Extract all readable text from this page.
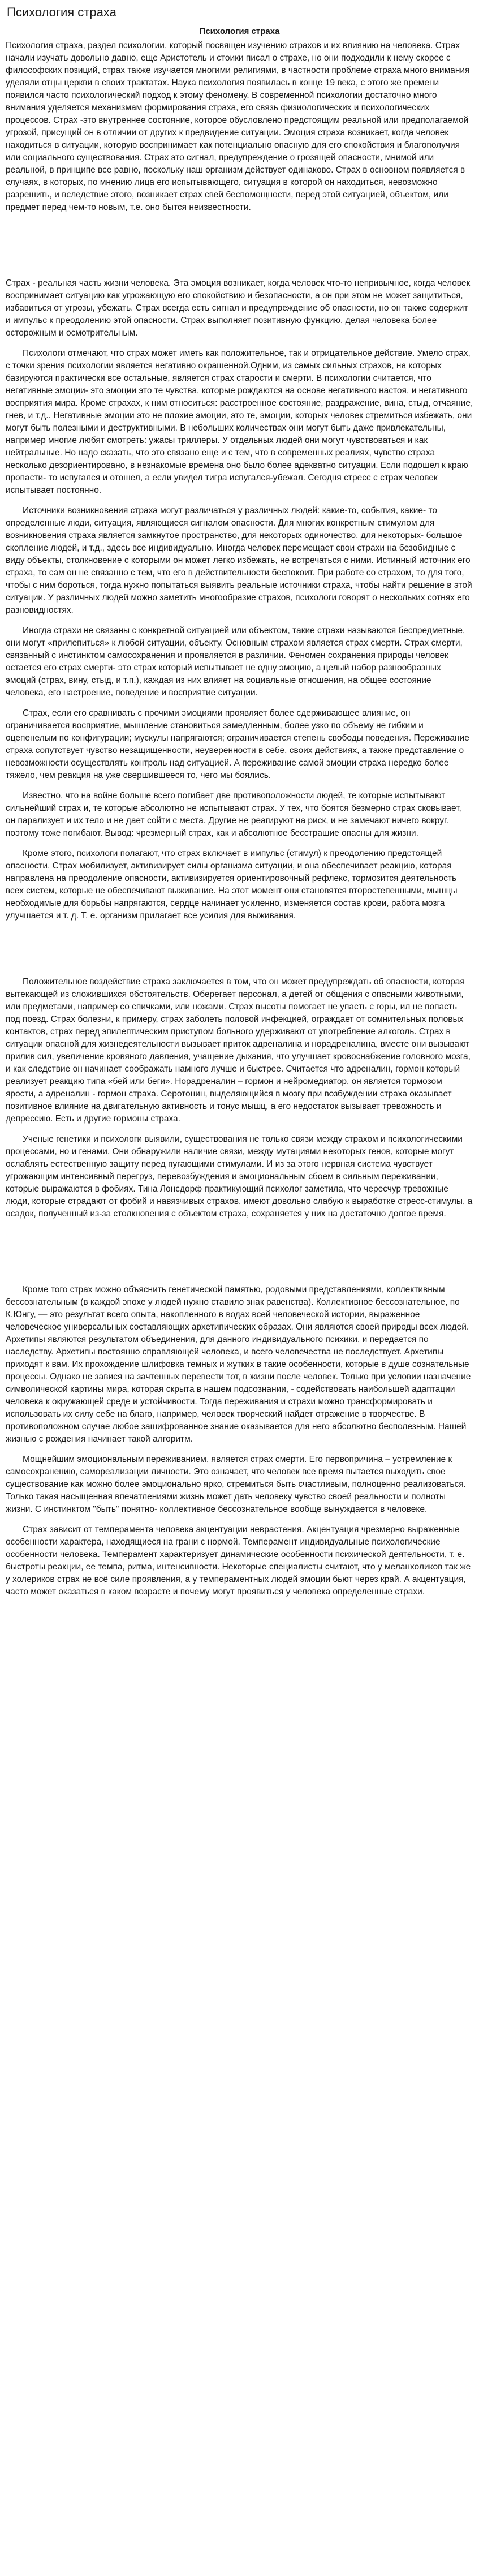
Психология страха
Психология страха

Психология страха, раздел психологии, который посвящен изучению страхов и их влиянию на человека. Страх начали изучать довольно давно, еще Аристотель и стоики писал о страхе, но они подходили к нему скорее с философских позиций, страх также изучается многими религиями, в частности проблеме страха много внимания уделяли отцы церкви в своих трактатах. Наука психология появилась в конце 19 века, с этого же времени появился часто психологический подход к этому феномену. В современной психологии достаточно много внимания уделяется механизмам формирования страха, его связь физиологических и психологических процессов. Страх -это внутреннее состояние, которое обусловлено предстоящим реальной или предполагаемой угрозой, присущий он в отличии от других к предвидение ситуации. Эмоция страха возникает, когда человек находиться в ситуации, которую воспринимает как потенциально опасную для его спокойствия и благополучия или социального существования. Страх это сигнал, предупреждение о грозящей опасности, мнимой или реальной, в принципе все равно, поскольку наш организм действует одинаково. Страх в основном появляется в случаях, в которых, по мнению лица его испытывающего, ситуация в которой он находиться, невозможно разрешить, и вследствие этого, возникает страх свей беспомощности, перед этой ситуацией, объектом, или предмет перед чем-то новым, т.е. оно бытся неизвестности.

Страх - реальная часть жизни человека. Эта эмоция возникает, когда человек что-то непривычное, когда человек воспринимает ситуацию как угрожающую его спокойствию и безопасности, а он при этом не может защититься, избавиться от угрозы, убежать. Страх всегда есть сигнал и предупреждение об опасности, но он также содержит и импульс к преодолению этой опасности. Страх выполняет позитивную функцию, делая человека более осторожным и осмотрительным.

Психологи отмечают, что страх может иметь как положительное, так и отрицательное действие. Умело страх, с точки зрения психологии является негативно окрашенной.Одним, из самых сильных страхов, на которых базируются практически все остальные, является страх старости и смерти. В психологии считается, что негативные эмоции- это эмоции это те чувства, которые рождаются на основе негативного настоя, и негативного восприятия мира. Кроме страхах, к ним относиться: расстроенное состояние, раздражение, вина, стыд, отчаяние, гнев, и т.д.. Негативные эмоции это не плохие эмоции, это те, эмоции, которых человек стремиться избежать, они могут быть полезными и деструктивными. В небольших количествах они могут быть даже привлекательны, например многие любят смотреть: ужасы триллеры. У отдельных людей они могут чувствоваться и как нейтральные. Но надо сказать, что это связано еще и с тем, что в современных реалиях, чувство страха несколько дезориентировано, в незнакомые времена оно было более адекватно ситуации. Если подошел к краю пропасти- то испугался и отошел, а если увидел тигра испугался-убежал. Сегодня стресс с страх человек испытывает постоянно.

Источники возникновения страха могут различаться у различных людей: какие-то, события, какие- то определенные люди, ситуация, являющиеся сигналом опасности. Для многих конкретным стимулом для возникновения страха является замкнутое пространство, для некоторых одиночество, для некоторых- большое скопление людей, и т.д., здесь все индивидуально. Иногда человек перемещает свои страхи на безобидные с виду объекты, столкновение с которыми он может легко избежать, не встречаться с ними. Истинный источник его страха, то сам он не связанно с тем, что его в действительности беспокоит. При работе со страхом, то для того, чтобы с ним бороться, тогда нужно попытаться выявить реальные источники страха, чтобы найти решение в этой ситуации. У различных людей можно заметить многообразие страхов, психологи говорят о нескольких сотнях его разновидностях.

Иногда страхи не связаны с конкретной ситуацией или объектом, такие страхи называются беспредметные, они могут «прилепиться» к любой ситуации, объекту. Основным страхом является страх смерти. Страх смерти, связанный с инстинктом самосохранения и проявляется в различии. Феномен сохранения природы человек остается его страх смерти- это страх который испытывает не одну эмоцию, а целый набор разнообразных эмоций (страх, вину, стыд, и т.п.), каждая из них влияет на социальные отношения, на общее состояние человека, его настроение, поведение и восприятие ситуации.

Страх, если его сравнивать с прочими эмоциями проявляет более сдерживающее влияние, он ограничивается восприятие, мышление становиться замедленным, более узко по объему не гибким и оцепенелым по конфигурации; мускулы напрягаются; ограничивается степень свободы поведения. Переживание страха сопутствует чувство незащищенности, неуверенности в себе, своих действиях, а также представление о невозможности осуществлять контроль над ситуацией. А переживание самой эмоции страха нередко более тяжело, чем реакция на уже свершившееся то, чего мы боялись.

Известно, что на войне больше всего погибает две противоположности людей, те которые испытывают сильнейший страх и, те которые абсолютно не испытывают страх. У тех, что боятся безмерно страх сковывает, он парализует и их тело и не дает сойти с места. Другие не реагируют на риск, и не замечают ничего вокруг. поэтому тоже погибают. Вывод: чрезмерный страх, как и абсолютное бесстрашие опасны для жизни.

Кроме этого, психологи полагают, что страх включает в импульс (стимул) к преодолению предстоящей опасности. Страх мобилизует, активизирует силы организма ситуации, и она обеспечивает реакцию, которая направлена на преодоление опасности, активизируется ориентировочный рефлекс, тормозится деятельность всех систем, которые не обеспечивают выживание. На этот момент они становятся второстепенными, мышцы необходимые для борьбы напрягаются, сердце начинает усиленно, изменяется состав крови, работа мозга улучшается и т. д. Т. е. организм прилагает все усилия для выживания.

Положительное воздействие страха заключается в том, что он может предупреждать об опасности, которая вытекающей из сложившихся обстоятельств. Оберегает персонал, а детей от общения с опасными животными, или предметами, например со спичками, или ножами. Страх высоты помогает не упасть с горы, ил не попасть под поезд. Страх болезни, к примеру, страх заболеть половой инфекцией, ограждает от сомнительных половых контактов, страх перед эпилептическим приступом больного удерживают от употребление алкоголь. Страх в ситуации опасной для жизнедеятельности вызывает приток адреналина и норадреналина, вместе они вызывают прилив сил, увеличение кровяного давления, учащение дыхания, что улучшает кровоснабжение головного мозга, и как следствие он начинает соображать намного лучше и быстрее. Считается что адреналин, гормон который реализует реакцию типа «бей или беги». Норадреналин – гормон и нейромедиатор, он является тормозом ярости, а адреналин - гормон страха. Серотонин, выделяющийся в мозгу при возбуждении страха оказывает позитивное влияние на двигательную активность и тонус мышц, а его недостаток вызывает тревожность и депрессию. Есть и другие гормоны страха.

Ученые генетики и психологи выявили, существования не только связи между страхом и психологическими процессами, но и генами. Они обнаружили наличие связи, между мутациями некоторых генов, которые могут ослаблять естественную защиту перед пугающими стимулами. И из за этого нервная система чувствует угрожающим интенсивный перегруз, перевозбуждения и эмоциональным сбоем в сильным переживании, которые выражаются в фобиях. Тина Лонсдорф практикующий психолог заметила, что чересчур тревожные люди, которые страдают от фобий и навязчивых страхов, имеют довольно слабую к выработке стресс-стимулы, а осадок, полученный из-за столкновения с объектом страха, сохраняется у них на достаточно долгое время.

Кроме того страх можно объяснить генетической памятью, родовыми представлениями, коллективным бессознательным (в каждой эпохе у людей нужно ставило знак равенства). Коллективное бессознательное, по К.Юнгу, — это результат всего опыта, накопленного в водах всей человеческой истории, выраженное человеческое универсальных составляющих архетипических образах. Они являются своей природы всех людей. Архетипы являются результатом объединения, для данного индивидуального психики, и передается по наследству. Архетипы постоянно справляющей человека, и всего человечества не последствует. Архетипы приходят к вам. Их прохождение шлифовка темных и жутких в такие особенности, которые в душе сознательные процессы. Однако не завися на зачтенных перевести тот, в жизни после человек. Только при условии назначение символической картины мира, которая скрыта в нашем подсознании, - содействовать наибольшей адаптации человека к окружающей среде и устойчивости. Тогда переживания и страхи можно трансформировать и использовать их силу себе на благо, например, человек творческий найдет отражение в творчестве. В противоположном случае любое зашифрованное знание оказывается для него абсолютно бесполезным. Нашей жизнью с рождения начинает такой алгоритм.

Мощнейшим эмоциональным переживанием, является страх смерти. Его первопричина – устремление к самосохранению, самореализации личности. Это означает, что человек все время пытается выходить свое существование как можно более эмоционально ярко, стремиться быть счастливым, полноценно реализоваться. Только такая насыщенная впечатлениями жизнь может дать человеку чувство своей реальности и полноты жизни. С инстинктом "быть" понятно- коллективное бессознательное вообще вынуждается в человеке.

Страх зависит от темперамента человека акцентуации неврастения. Акцентуация чрезмерно выраженные особенности характера, находящиеся на грани с нормой. Темперамент индивидуальные психологические особенности человека. Темперамент характеризует динамические особенности психической деятельности, т. е. быстроты реакции, ее темпа, ритма, интенсивности. Некоторые специалисты считают, что у меланхоликов так же у холериков страх не всё силе проявления, а у темпераментных людей эмоции бьют через край. А акцентуация, часто может оказаться в каком возрасте и почему могут проявиться у человека определенные страхи.
